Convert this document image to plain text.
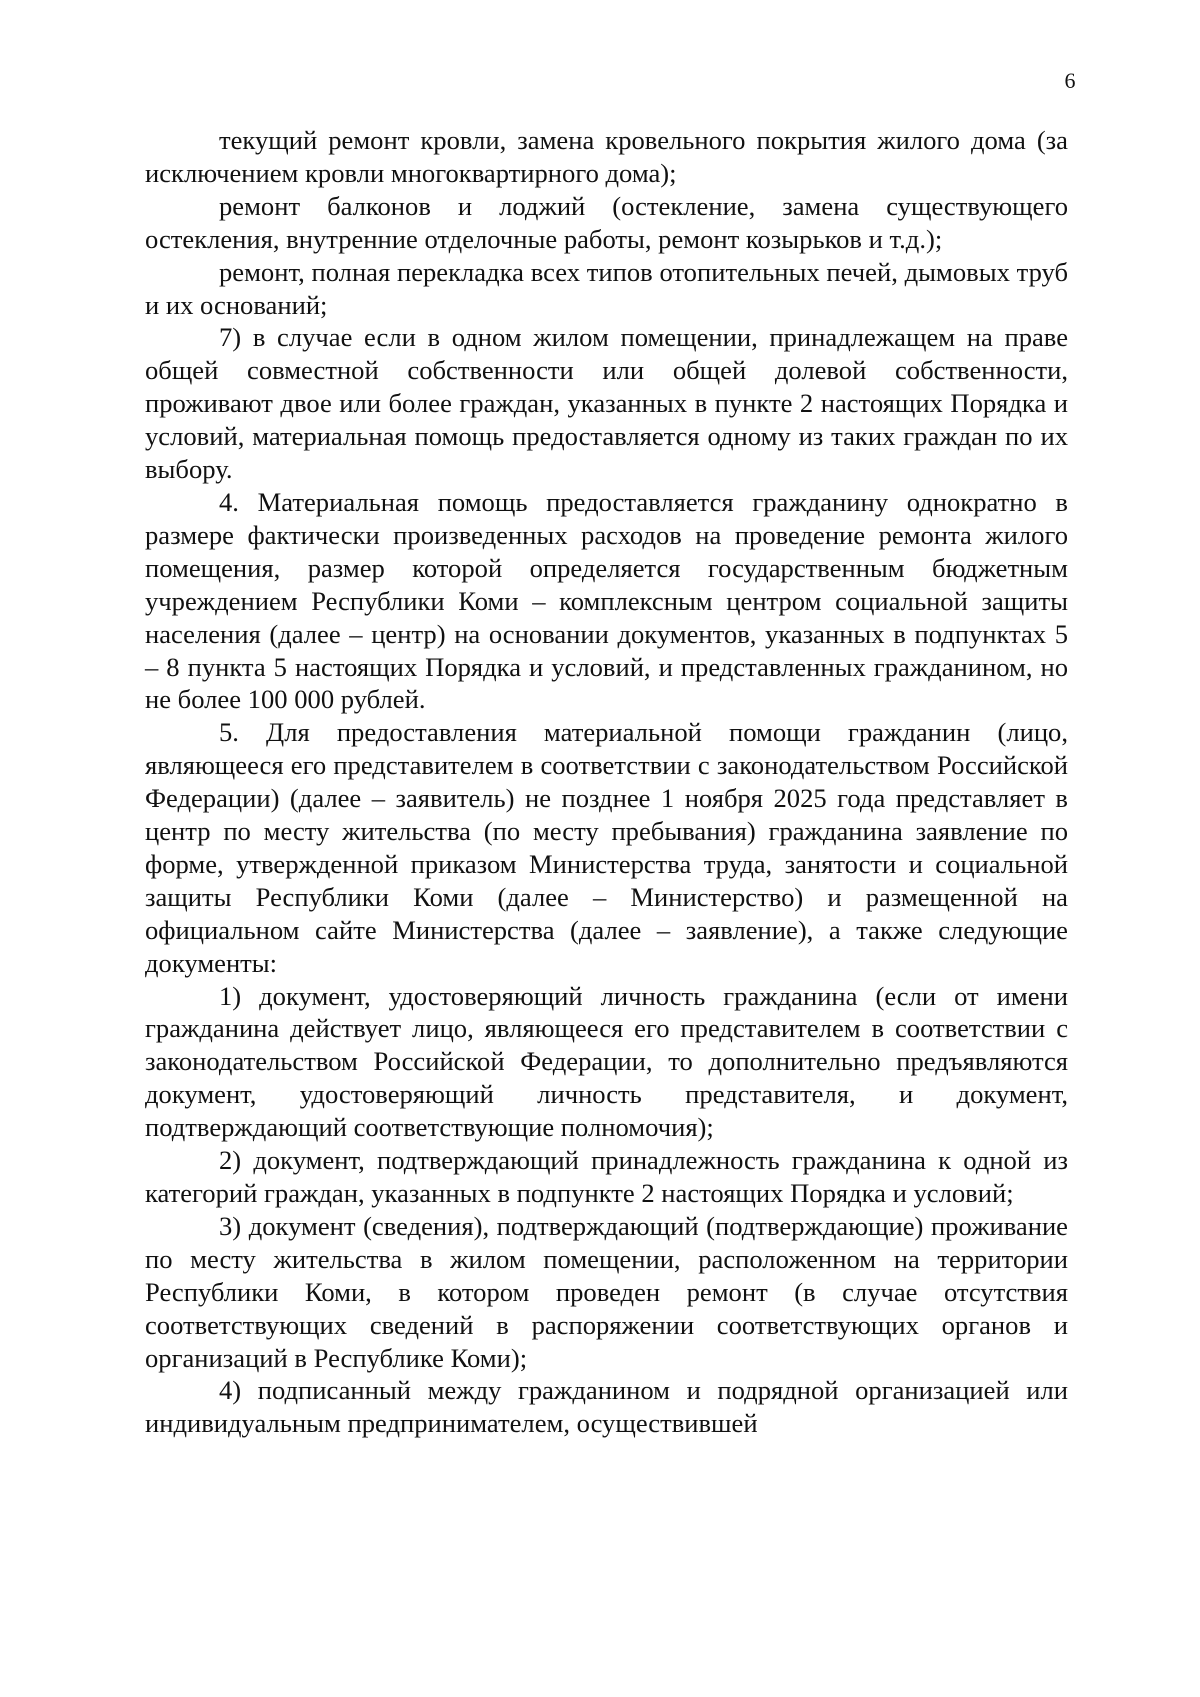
6

текущий ремонт кровли, замена кровельного покрытия жилого дома (за исключением кровли многоквартирного дома);

ремонт балконов и лоджий (остекление, замена существующего остекления, внутренние отделочные работы, ремонт козырьков и т.д.);

ремонт, полная перекладка всех типов отопительных печей, дымовых труб и их оснований;

7) в случае если в одном жилом помещении, принадлежащем на праве общей совместной собственности или общей долевой собственности, проживают двое или более граждан, указанных в пункте 2 настоящих Порядка и условий, материальная помощь предоставляется одному из таких граждан по их выбору.

4. Материальная помощь предоставляется гражданину однократно в размере фактически произведенных расходов на проведение ремонта жилого помещения, размер которой определяется государственным бюджетным учреждением Республики Коми – комплексным центром социальной защиты населения (далее – центр) на основании документов, указанных в подпунктах 5 – 8 пункта 5 настоящих Порядка и условий, и представленных гражданином, но не более 100 000 рублей.

5. Для предоставления материальной помощи гражданин (лицо, являющееся его представителем в соответствии с законодательством Российской Федерации) (далее – заявитель) не позднее 1 ноября 2025 года представляет в центр по месту жительства (по месту пребывания) гражданина заявление по форме, утвержденной приказом Министерства труда, занятости и социальной защиты Республики Коми (далее – Министерство) и размещенной на официальном сайте Министерства (далее – заявление), а также следующие документы:

1) документ, удостоверяющий личность гражданина (если от имени гражданина действует лицо, являющееся его представителем в соответствии с законодательством Российской Федерации, то дополнительно предъявляются документ, удостоверяющий личность представителя, и документ, подтверждающий соответствующие полномочия);

2) документ, подтверждающий принадлежность гражданина к одной из категорий граждан, указанных в подпункте 2 настоящих Порядка и условий;

3) документ (сведения), подтверждающий (подтверждающие) проживание по месту жительства в жилом помещении, расположенном на территории Республики Коми, в котором проведен ремонт (в случае отсутствия соответствующих сведений в распоряжении соответствующих органов и организаций в Республике Коми);

4) подписанный между гражданином и подрядной организацией или индивидуальным предпринимателем, осуществившей
